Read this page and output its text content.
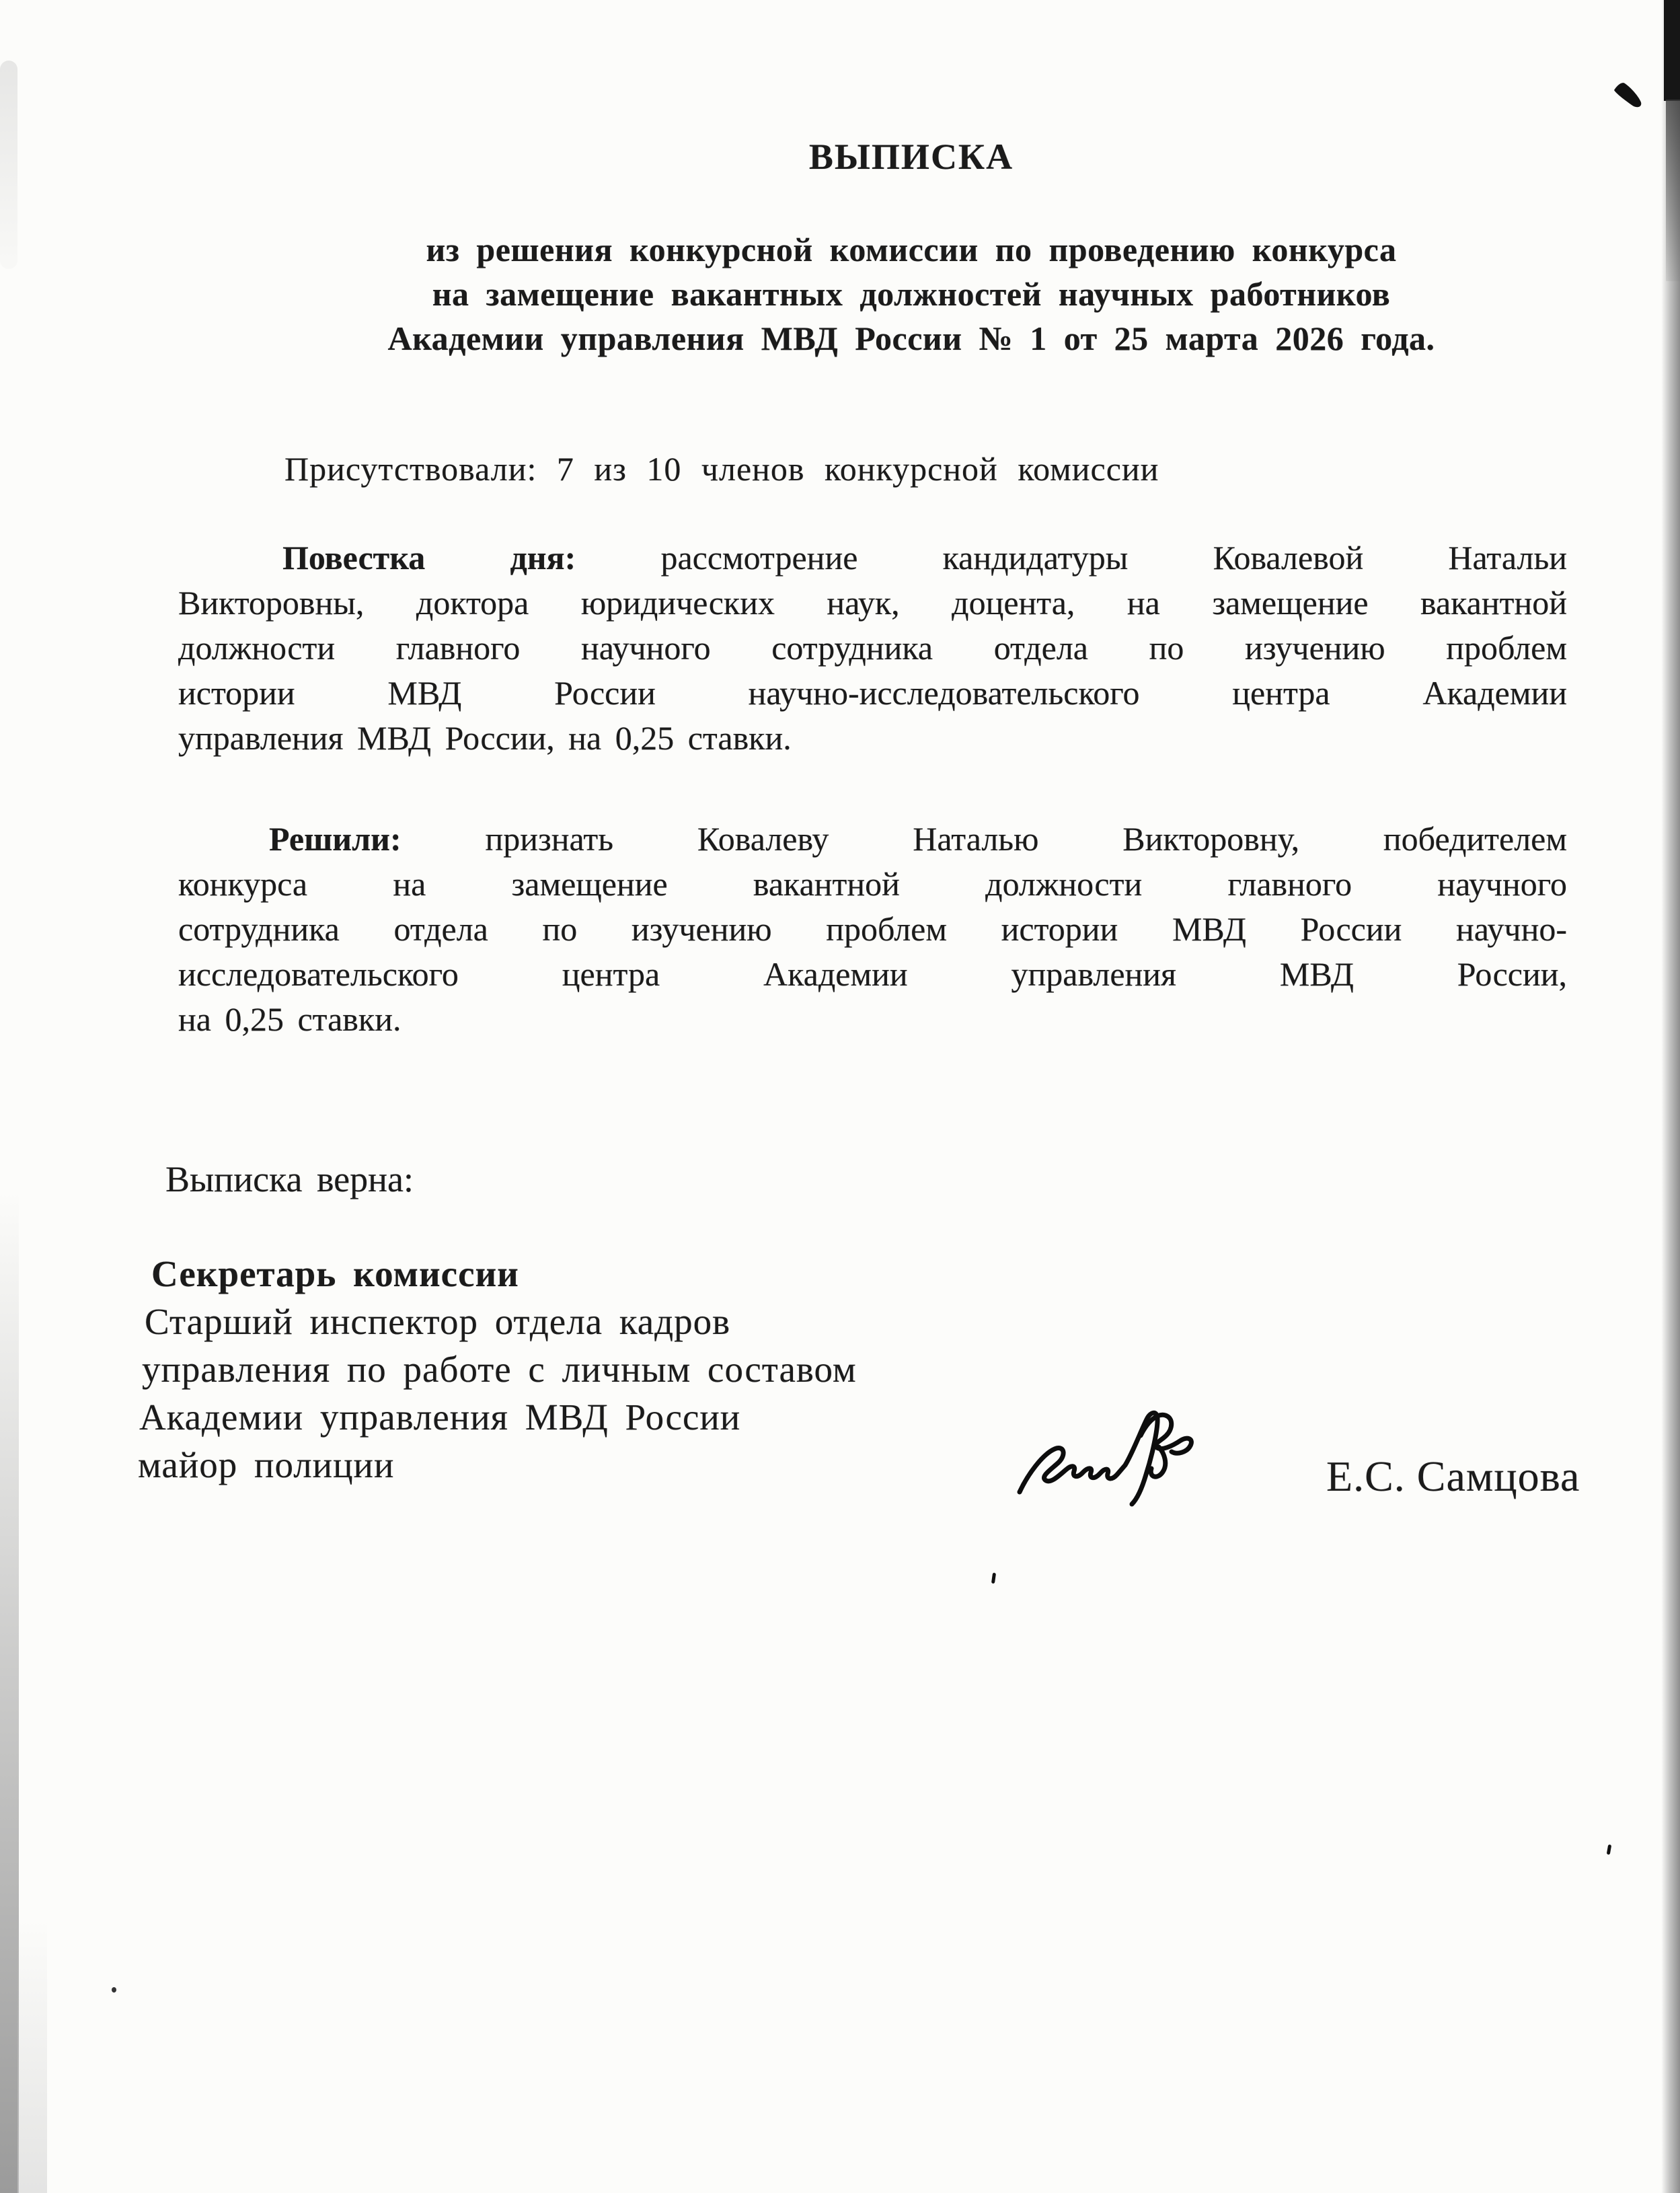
ВЫПИСКА
из решения конкурсной комиссии по проведению конкурса
на замещение вакантных должностей научных работников
Академии управления МВД России № 1 от 25 марта 2026 года.
Присутствовали: 7 из 10 членов конкурсной комиссии
Повестка дня:	рассмотрение кандидатуры Ковалевой Натальи
Викторовны, доктора юридических наук, доцента, на замещение вакантной
должности главного научного сотрудника отдела по изучению проблем
истории МВД России научно-исследовательского центра Академии
управления МВД России, на 0,25 ставки.
Решили: признать Ковалеву Наталью Викторовну, победителем
конкурса на замещение вакантной должности главного научного
сотрудника отдела по изучению проблем истории МВД России научно-
исследовательского центра Академии управления МВД России,
на 0,25 ставки.
Выписка верна:
Секретарь комиссии
Старший инспектор отдела кадров
управления по работе с личным составом
Академии управления МВД России
майор полиции	Е.С. Самцова
